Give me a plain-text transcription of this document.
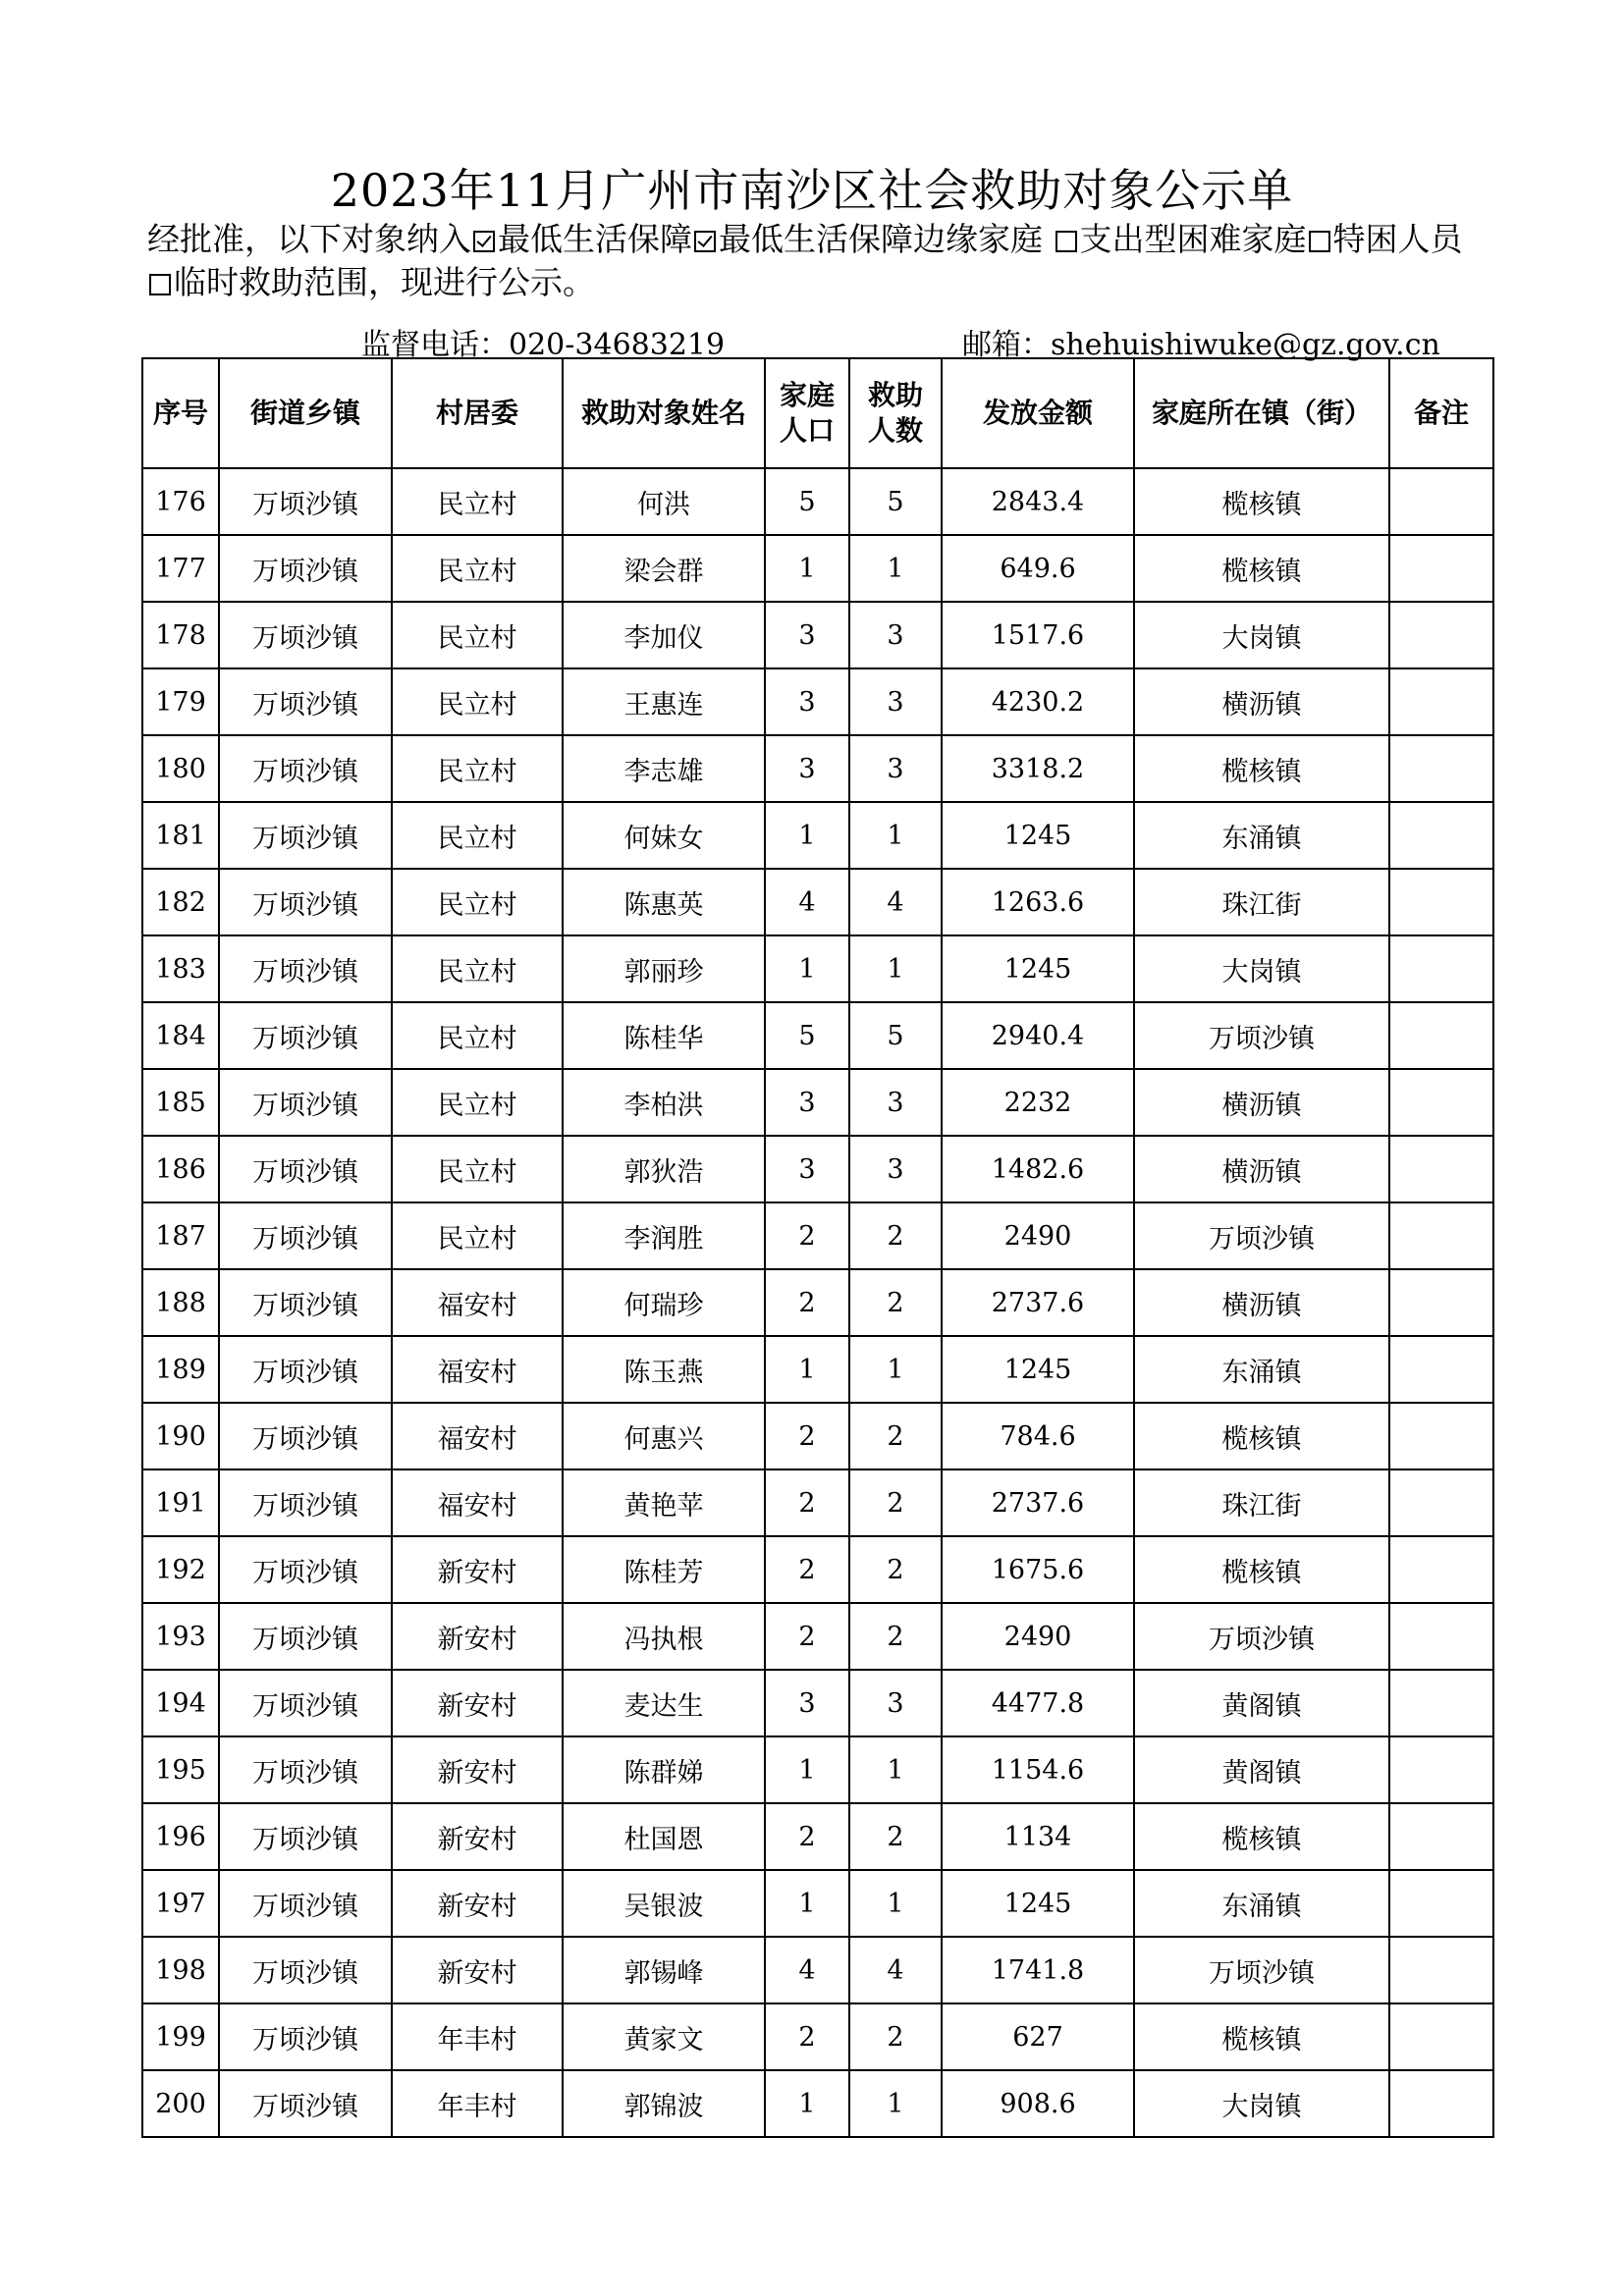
2023年11月广州市南沙区社会救助对象公示单
经批准，以下对象纳入 最低生活保障 最低生活保障边缘家庭 支出型困难家庭 特困人员
临时救助范围，现进行公示。
监督电话：020-34683219	邮箱：shehuishiwuke@gz.gov.cn
序号	街道乡镇	村居委	救助对象姓名	家庭人口	救助人数	发放金额	家庭所在镇（街）	备注
176	万顷沙镇	民立村	何洪	5	5	2843.4	榄核镇	
177	万顷沙镇	民立村	梁会群	1	1	649.6	榄核镇	
178	万顷沙镇	民立村	李加仪	3	3	1517.6	大岗镇	
179	万顷沙镇	民立村	王惠连	3	3	4230.2	横沥镇	
180	万顷沙镇	民立村	李志雄	3	3	3318.2	榄核镇	
181	万顷沙镇	民立村	何妹女	1	1	1245	东涌镇	
182	万顷沙镇	民立村	陈惠英	4	4	1263.6	珠江街	
183	万顷沙镇	民立村	郭丽珍	1	1	1245	大岗镇	
184	万顷沙镇	民立村	陈桂华	5	5	2940.4	万顷沙镇	
185	万顷沙镇	民立村	李柏洪	3	3	2232	横沥镇	
186	万顷沙镇	民立村	郭狄浩	3	3	1482.6	横沥镇	
187	万顷沙镇	民立村	李润胜	2	2	2490	万顷沙镇	
188	万顷沙镇	福安村	何瑞珍	2	2	2737.6	横沥镇	
189	万顷沙镇	福安村	陈玉燕	1	1	1245	东涌镇	
190	万顷沙镇	福安村	何惠兴	2	2	784.6	榄核镇	
191	万顷沙镇	福安村	黄艳苹	2	2	2737.6	珠江街	
192	万顷沙镇	新安村	陈桂芳	2	2	1675.6	榄核镇	
193	万顷沙镇	新安村	冯执根	2	2	2490	万顷沙镇	
194	万顷沙镇	新安村	麦达生	3	3	4477.8	黄阁镇	
195	万顷沙镇	新安村	陈群娣	1	1	1154.6	黄阁镇	
196	万顷沙镇	新安村	杜国恩	2	2	1134	榄核镇	
197	万顷沙镇	新安村	吴银波	1	1	1245	东涌镇	
198	万顷沙镇	新安村	郭锡峰	4	4	1741.8	万顷沙镇	
199	万顷沙镇	年丰村	黄家文	2	2	627	榄核镇	
200	万顷沙镇	年丰村	郭锦波	1	1	908.6	大岗镇	
